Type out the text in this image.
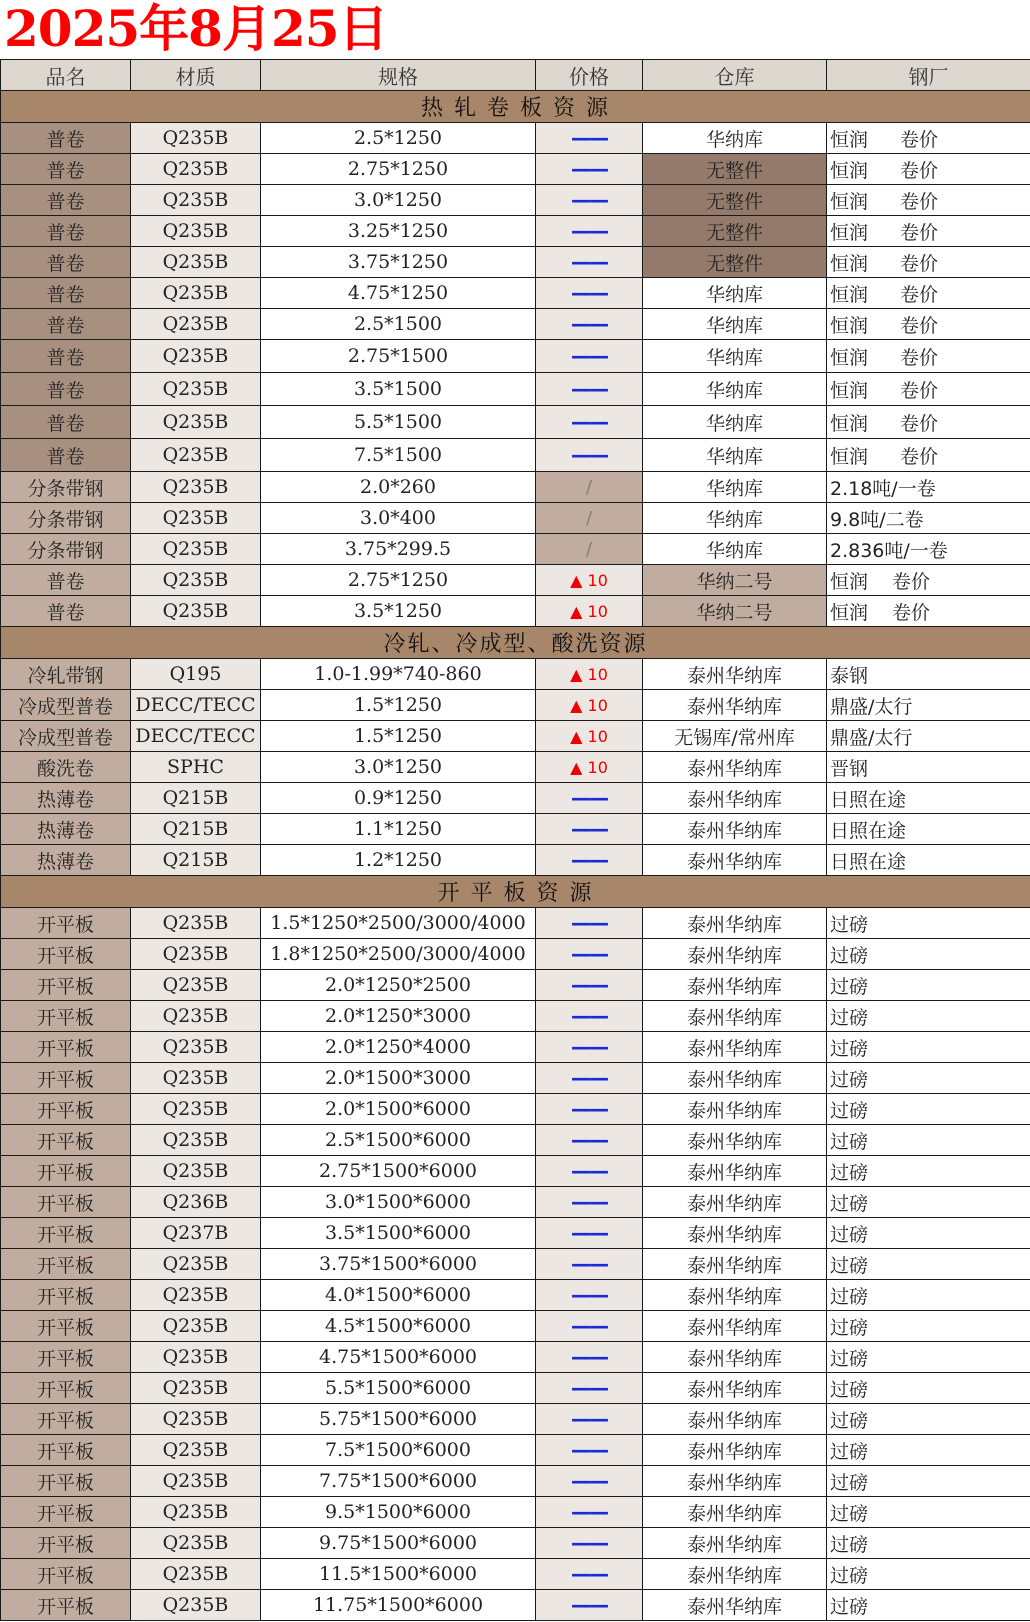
2025年8月25日
品名	材质	规格	价格	仓库	钢厂
热 轧 卷 板 资 源					
普卷	Q235B	2.5*1250	——	华纳库	恒润 卷价
普卷	Q235B	2.75*1250	——	无整件	恒润 卷价
普卷	Q235B	3.0*1250	——	无整件	恒润 卷价
普卷	Q235B	3.25*1250	——	无整件	恒润 卷价
普卷	Q235B	3.75*1250	——	无整件	恒润 卷价
普卷	Q235B	4.75*1250	——	华纳库	恒润 卷价
普卷	Q235B	2.5*1500	——	华纳库	恒润 卷价
普卷	Q235B	2.75*1500	——	华纳库	恒润 卷价
普卷	Q235B	3.5*1500	——	华纳库	恒润 卷价
普卷	Q235B	5.5*1500	——	华纳库	恒润 卷价
普卷	Q235B	7.5*1500	——	华纳库	恒润 卷价
分条带钢	Q235B	2.0*260	/	华纳库	2.18吨/一卷
分条带钢	Q235B	3.0*400	/	华纳库	9.8吨/二卷
分条带钢	Q235B	3.75*299.5	/	华纳库	2.836吨/一卷
普卷	Q235B	2.75*1250	▲ 10	华纳二号	恒润 卷价
普卷	Q235B	3.5*1250	▲ 10	华纳二号	恒润 卷价
冷轧、冷成型、酸洗资源					
冷轧带钢	Q195	1.0-1.99*740-860	▲ 10	泰州华纳库	泰钢
冷成型普卷	DECC/TECC	1.5*1250	▲ 10	泰州华纳库	鼎盛/太行
冷成型普卷	DECC/TECC	1.5*1250	▲ 10	无锡库/常州库	鼎盛/太行
酸洗卷	SPHC	3.0*1250	▲ 10	泰州华纳库	晋钢
热薄卷	Q215B	0.9*1250	——	泰州华纳库	日照在途
热薄卷	Q215B	1.1*1250	——	泰州华纳库	日照在途
热薄卷	Q215B	1.2*1250	——	泰州华纳库	日照在途
开 平 板 资 源					
开平板	Q235B	1.5*1250*2500/3000/4000	——	泰州华纳库	过磅
开平板	Q235B	1.8*1250*2500/3000/4000	——	泰州华纳库	过磅
开平板	Q235B	2.0*1250*2500	——	泰州华纳库	过磅
开平板	Q235B	2.0*1250*3000	——	泰州华纳库	过磅
开平板	Q235B	2.0*1250*4000	——	泰州华纳库	过磅
开平板	Q235B	2.0*1500*3000	——	泰州华纳库	过磅
开平板	Q235B	2.0*1500*6000	——	泰州华纳库	过磅
开平板	Q235B	2.5*1500*6000	——	泰州华纳库	过磅
开平板	Q235B	2.75*1500*6000	——	泰州华纳库	过磅
开平板	Q236B	3.0*1500*6000	——	泰州华纳库	过磅
开平板	Q237B	3.5*1500*6000	——	泰州华纳库	过磅
开平板	Q235B	3.75*1500*6000	——	泰州华纳库	过磅
开平板	Q235B	4.0*1500*6000	——	泰州华纳库	过磅
开平板	Q235B	4.5*1500*6000	——	泰州华纳库	过磅
开平板	Q235B	4.75*1500*6000	——	泰州华纳库	过磅
开平板	Q235B	5.5*1500*6000	——	泰州华纳库	过磅
开平板	Q235B	5.75*1500*6000	——	泰州华纳库	过磅
开平板	Q235B	7.5*1500*6000	——	泰州华纳库	过磅
开平板	Q235B	7.75*1500*6000	——	泰州华纳库	过磅
开平板	Q235B	9.5*1500*6000	——	泰州华纳库	过磅
开平板	Q235B	9.75*1500*6000	——	泰州华纳库	过磅
开平板	Q235B	11.5*1500*6000	——	泰州华纳库	过磅
开平板	Q235B	11.75*1500*6000	——	泰州华纳库	过磅
